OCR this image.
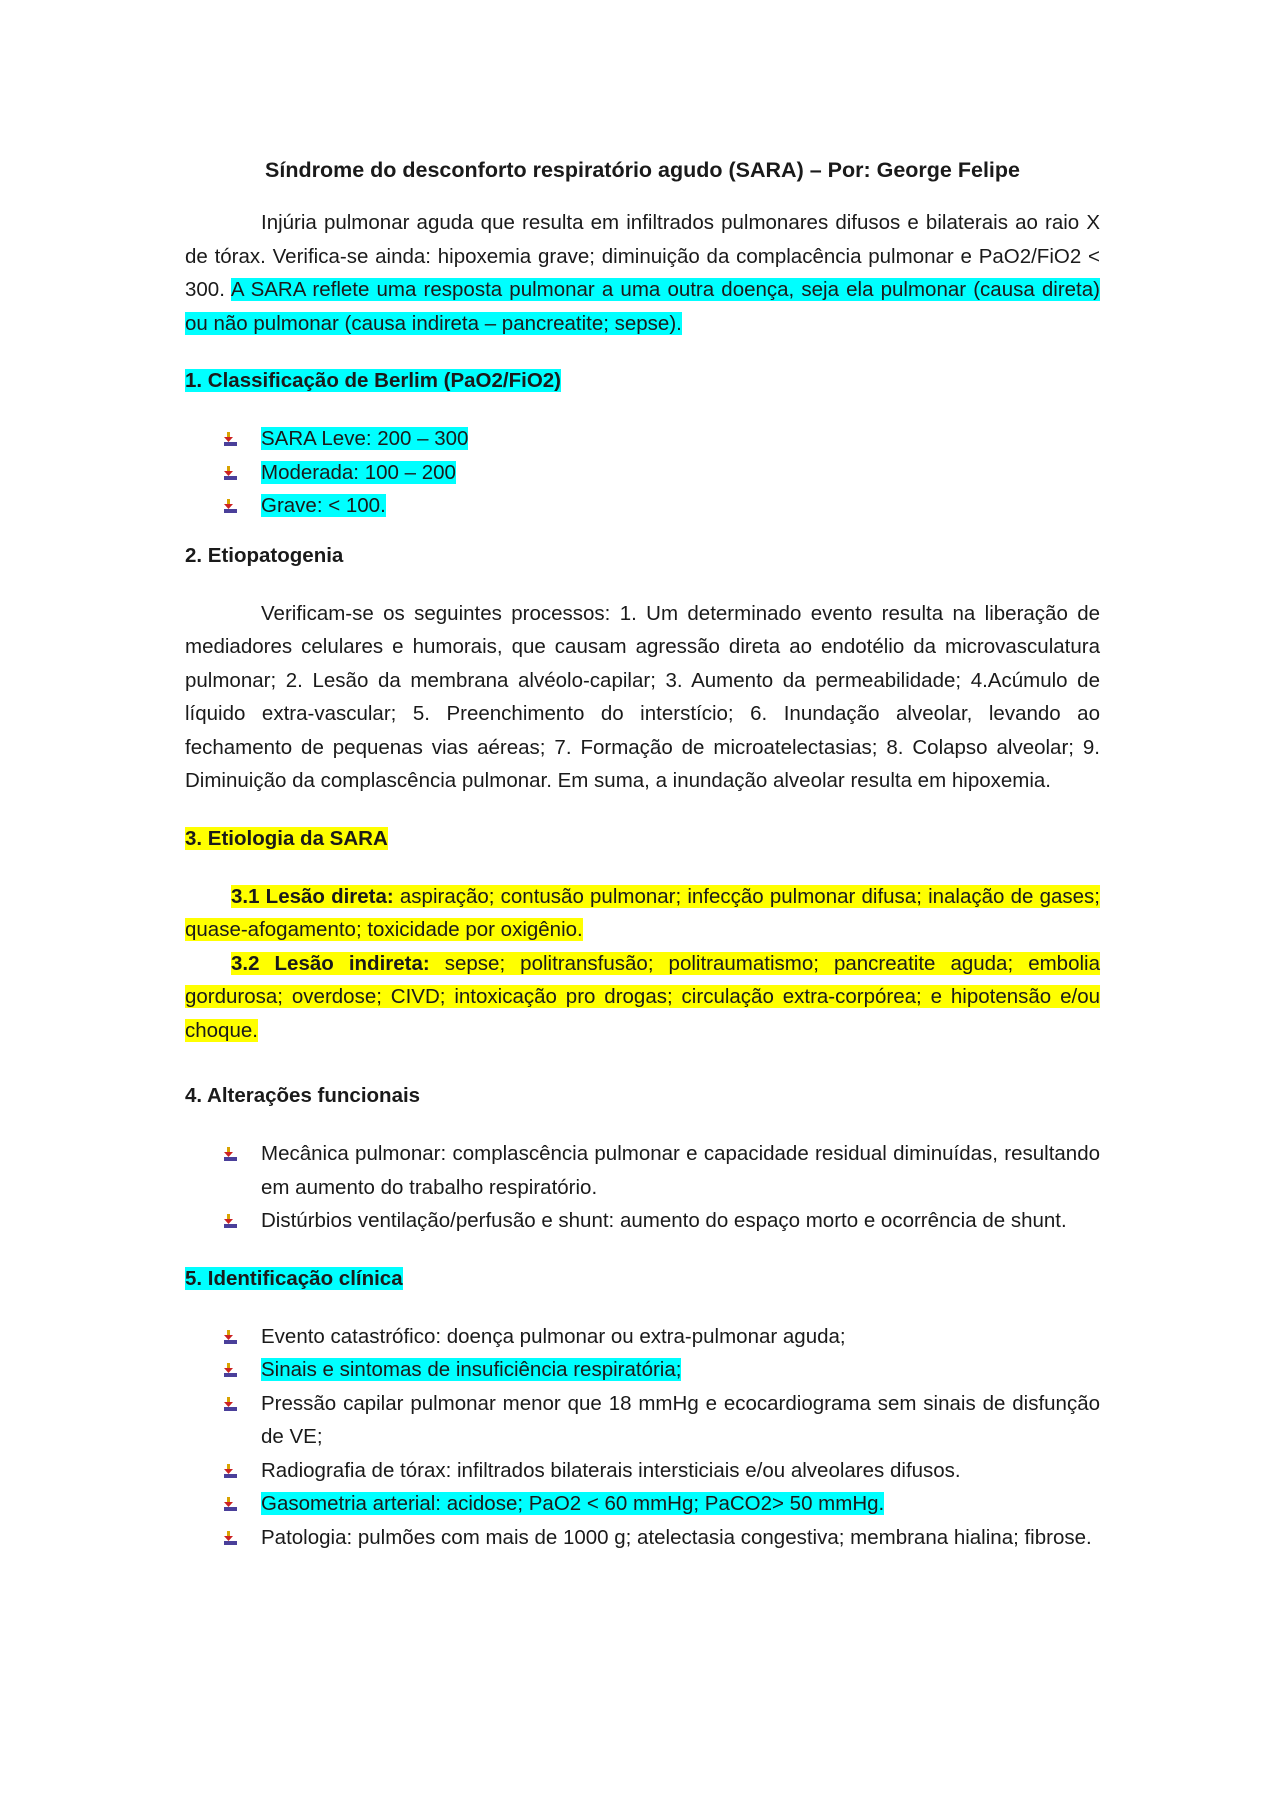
Síndrome do desconforto respiratório agudo (SARA) – Por: George Felipe

Injúria pulmonar aguda que resulta em infiltrados pulmonares difusos e bilaterais ao raio X de tórax. Verifica-se ainda: hipoxemia grave; diminuição da complacência pulmonar e PaO2/FiO2 < 300. A SARA reflete uma resposta pulmonar a uma outra doença, seja ela pulmonar (causa direta) ou não pulmonar (causa indireta – pancreatite; sepse).

1. Classificação de Berlim (PaO2/FiO2)
SARA Leve: 200 – 300
Moderada: 100 – 200
Grave: < 100.
2. Etiopatogenia

Verificam-se os seguintes processos: 1. Um determinado evento resulta na liberação de mediadores celulares e humorais, que causam agressão direta ao endotélio da microvasculatura pulmonar; 2. Lesão da membrana alvéolo-capilar; 3. Aumento da permeabilidade; 4.Acúmulo de líquido extra-vascular; 5. Preenchimento do interstício; 6. Inundação alveolar, levando ao fechamento de pequenas vias aéreas; 7. Formação de microatelectasias; 8. Colapso alveolar; 9. Diminuição da complascência pulmonar. Em suma, a inundação alveolar resulta em hipoxemia.

3. Etiologia da SARA

3.1 Lesão direta: aspiração; contusão pulmonar; infecção pulmonar difusa; inalação de gases; quase-afogamento; toxicidade por oxigênio.

3.2 Lesão indireta: sepse; politransfusão; politraumatismo; pancreatite aguda; embolia gordurosa; overdose; CIVD; intoxicação pro drogas; circulação extra-corpórea; e hipotensão e/ou choque.

4. Alterações funcionais
Mecânica pulmonar: complascência pulmonar e capacidade residual diminuídas, resultando em aumento do trabalho respiratório.
Distúrbios ventilação/perfusão e shunt: aumento do espaço morto e ocorrência de shunt.
5. Identificação clínica
Evento catastrófico: doença pulmonar ou extra-pulmonar aguda;
Sinais e sintomas de insuficiência respiratória;
Pressão capilar pulmonar menor que 18 mmHg e ecocardiograma sem sinais de disfunção de VE;
Radiografia de tórax: infiltrados bilaterais intersticiais e/ou alveolares difusos.
Gasometria arterial: acidose; PaO2 < 60 mmHg; PaCO2> 50 mmHg.
Patologia: pulmões com mais de 1000 g; atelectasia congestiva; membrana hialina; fibrose.
